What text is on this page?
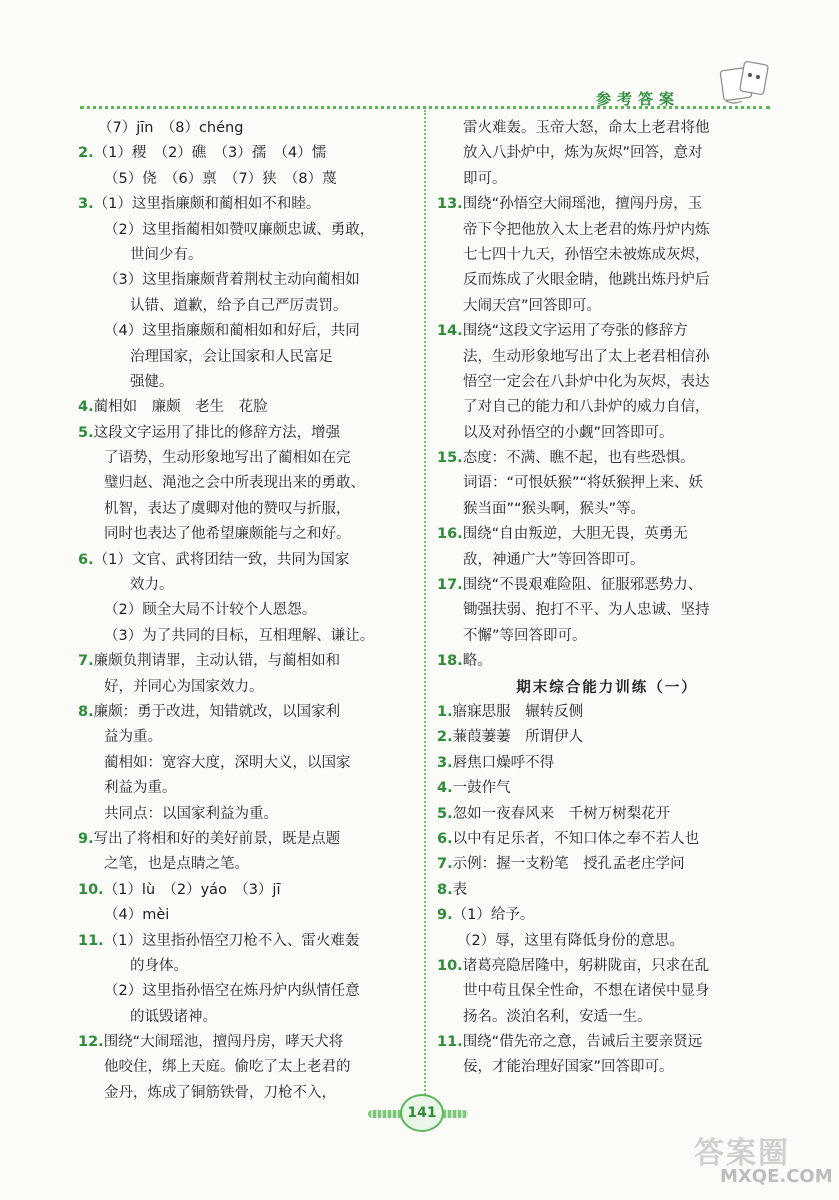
参考答案
（7）jīn　（8）chéng
2.（1）稷　（2）礁　（3）孺　（4）懦
（5）侥　（6）禀　（7）狭　（8）蔑
3.（1）这里指廉颇和蔺相如不和睦。
（2）这里指蔺相如赞叹廉颇忠诚、勇敢，
世间少有。
（3）这里指廉颇背着荆杖主动向蔺相如
认错、道歉，给予自己严厉责罚。
（4）这里指廉颇和蔺相如和好后，共同
治理国家，会让国家和人民富足
强健。
4.蔺相如　廉颇　老生　花脸
5.这段文字运用了排比的修辞方法，增强
了语势，生动形象地写出了蔺相如在完
璧归赵、渑池之会中所表现出来的勇敢、
机智，表达了虞卿对他的赞叹与折服，
同时也表达了他希望廉颇能与之和好。
6.（1）文官、武将团结一致，共同为国家
效力。
（2）顾全大局不计较个人恩怨。
（3）为了共同的目标，互相理解、谦让。
7.廉颇负荆请罪，主动认错，与蔺相如和
好，并同心为国家效力。
8.廉颇：勇于改进，知错就改，以国家利
益为重。
蔺相如：宽容大度，深明大义，以国家
利益为重。
共同点：以国家利益为重。
9.写出了将相和好的美好前景，既是点题
之笔，也是点睛之笔。
10.（1）lù　（2）yáo　（3）jī
（4）mèi
11.（1）这里指孙悟空刀枪不入、雷火难轰
的身体。
（2）这里指孙悟空在炼丹炉内纵情任意
的诋毁诸神。
12.围绕“大闹瑶池，擅闯丹房，哮天犬将
他咬住，绑上天庭。偷吃了太上老君的
金丹，炼成了铜筋铁骨，刀枪不入，
雷火难轰。玉帝大怒，命太上老君将他
放入八卦炉中，炼为灰烬”回答，意对
即可。
13.围绕“孙悟空大闹瑶池，擅闯丹房，玉
帝下令把他放入太上老君的炼丹炉内炼
七七四十九天，孙悟空未被炼成灰烬，
反而炼成了火眼金睛，他跳出炼丹炉后
大闹天宫”回答即可。
14.围绕“这段文字运用了夸张的修辞方
法，生动形象地写出了太上老君相信孙
悟空一定会在八卦炉中化为灰烬，表达
了对自己的能力和八卦炉的威力自信，
以及对孙悟空的小觑”回答即可。
15.态度：不满、瞧不起，也有些恐惧。
词语：“可恨妖猴”“将妖猴押上来、妖
猴当面”“猴头啊，猴头”等。
16.围绕“自由叛逆，大胆无畏，英勇无
敌，神通广大”等回答即可。
17.围绕“不畏艰难险阻、征服邪恶势力、
锄强扶弱、抱打不平、为人忠诚、坚持
不懈”等回答即可。
18.略。
期末综合能力训练（一）
1.寤寐思服　辗转反侧
2.蒹葭萋萋　所谓伊人
3.唇焦口燥呼不得
4.一鼓作气
5.忽如一夜春风来　千树万树梨花开
6.以中有足乐者，不知口体之奉不若人也
7.示例：握一支粉笔　授孔孟老庄学问
8.表
9.（1）给予。
（2）辱，这里有降低身份的意思。
10.诸葛亮隐居隆中，躬耕陇亩，只求在乱
世中苟且保全性命，不想在诸侯中显身
扬名。淡泊名利，安适一生。
11.围绕“借先帝之意，告诫后主要亲贤远
佞，才能治理好国家”回答即可。
141
答案圈
MXQE.COM
